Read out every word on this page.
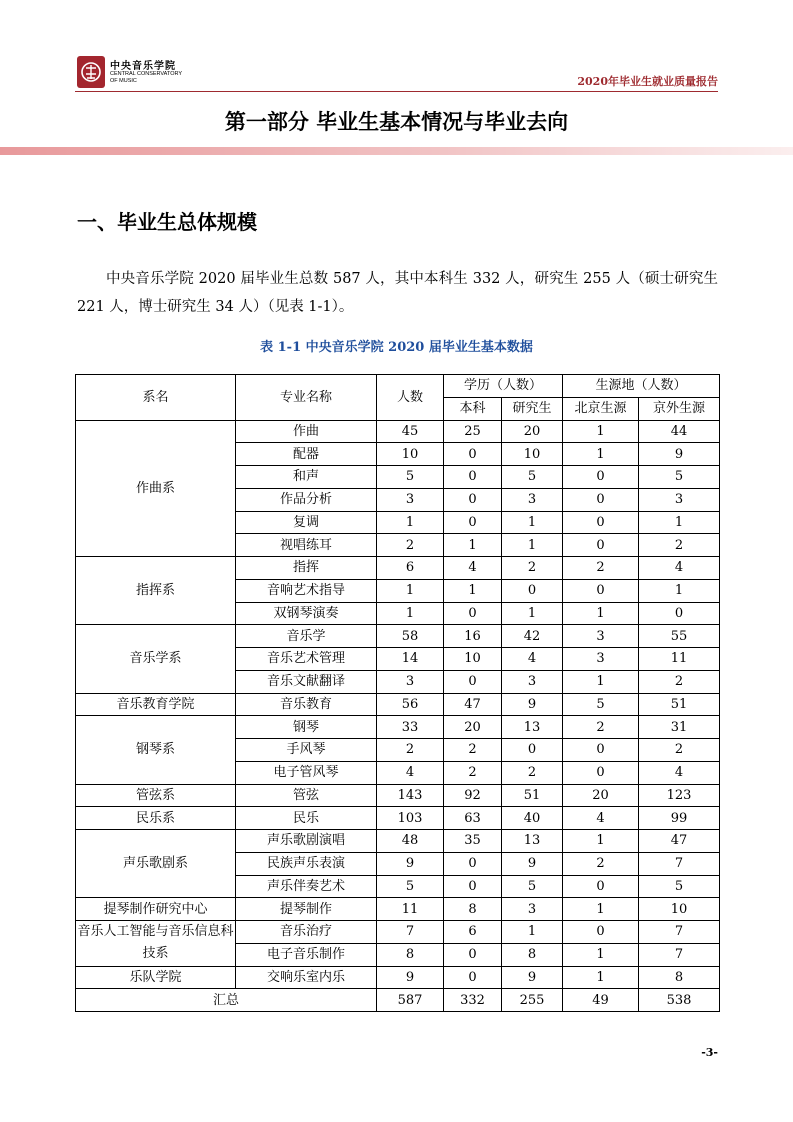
中央音乐学院
CENTRAL CONSERVATORY
OF MUSIC	2020年毕业生就业质量报告
第一部分 毕业生基本情况与毕业去向
一、毕业生总体规模
中央音乐学院 2020 届毕业生总数 587 人，其中本科生 332 人，研究生 255 人（硕士研究生 221 人，博士研究生 34 人）（见表 1-1）。
表 1-1 中央音乐学院 2020 届毕业生基本数据
系名	专业名称	人数	学历（人数）		生源地（人数）	
			本科	研究生	北京生源	京外生源
作曲系	作曲	45	25	20	1	44
	配器	10	0	10	1	9
	和声	5	0	5	0	5
	作品分析	3	0	3	0	3
	复调	1	0	1	0	1
	视唱练耳	2	1	1	0	2
指挥系	指挥	6	4	2	2	4
	音响艺术指导	1	1	0	0	1
	双钢琴演奏	1	0	1	1	0
音乐学系	音乐学	58	16	42	3	55
	音乐艺术管理	14	10	4	3	11
	音乐文献翻译	3	0	3	1	2
音乐教育学院	音乐教育	56	47	9	5	51
钢琴系	钢琴	33	20	13	2	31
	手风琴	2	2	0	0	2
	电子管风琴	4	2	2	0	4
管弦系	管弦	143	92	51	20	123
民乐系	民乐	103	63	40	4	99
声乐歌剧系	声乐歌剧演唱	48	35	13	1	47
	民族声乐表演	9	0	9	2	7
	声乐伴奏艺术	5	0	5	0	5
提琴制作研究中心	提琴制作	11	8	3	1	10
音乐人工智能与音乐信息科技系	音乐治疗	7	6	1	0	7
	电子音乐制作	8	0	8	1	7
乐队学院	交响乐室内乐	9	0	9	1	8
汇总		587	332	255	49	538
-3-
